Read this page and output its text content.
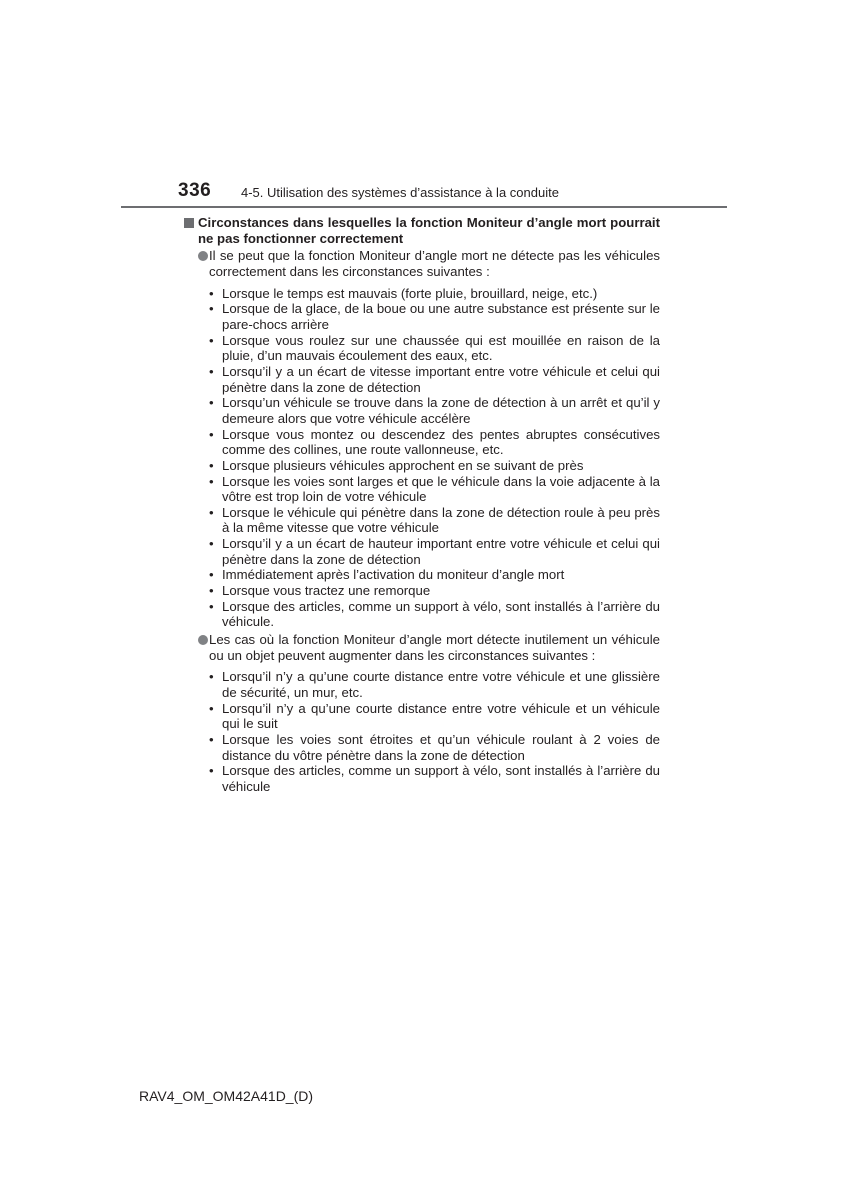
336 4-5. Utilisation des systèmes d’assistance à la conduite
Circonstances dans lesquelles la fonction Moniteur d’angle mort pourrait ne pas fonctionner correctement
Il se peut que la fonction Moniteur d’angle mort ne détecte pas les véhicules correctement dans les circonstances suivantes :
• Lorsque le temps est mauvais (forte pluie, brouillard, neige, etc.)
• Lorsque de la glace, de la boue ou une autre substance est présente sur le pare-chocs arrière
• Lorsque vous roulez sur une chaussée qui est mouillée en raison de la pluie, d’un mauvais écoulement des eaux, etc.
• Lorsqu’il y a un écart de vitesse important entre votre véhicule et celui qui pénètre dans la zone de détection
• Lorsqu’un véhicule se trouve dans la zone de détection à un arrêt et qu’il y demeure alors que votre véhicule accélère
• Lorsque vous montez ou descendez des pentes abruptes consécutives comme des collines, une route vallonneuse, etc.
• Lorsque plusieurs véhicules approchent en se suivant de près
• Lorsque les voies sont larges et que le véhicule dans la voie adjacente à la vôtre est trop loin de votre véhicule
• Lorsque le véhicule qui pénètre dans la zone de détection roule à peu près à la même vitesse que votre véhicule
• Lorsqu’il y a un écart de hauteur important entre votre véhicule et celui qui pénètre dans la zone de détection
• Immédiatement après l’activation du moniteur d’angle mort
• Lorsque vous tractez une remorque
• Lorsque des articles, comme un support à vélo, sont installés à l’arrière du véhicule.
Les cas où la fonction Moniteur d’angle mort détecte inutilement un véhicule ou un objet peuvent augmenter dans les circonstances suivantes :
• Lorsqu’il n’y a qu’une courte distance entre votre véhicule et une glissière de sécurité, un mur, etc.
• Lorsqu’il n’y a qu’une courte distance entre votre véhicule et un véhicule qui le suit
• Lorsque les voies sont étroites et qu’un véhicule roulant à 2 voies de distance du vôtre pénètre dans la zone de détection
• Lorsque des articles, comme un support à vélo, sont installés à l’arrière du véhicule
RAV4_OM_OM42A41D_(D)
